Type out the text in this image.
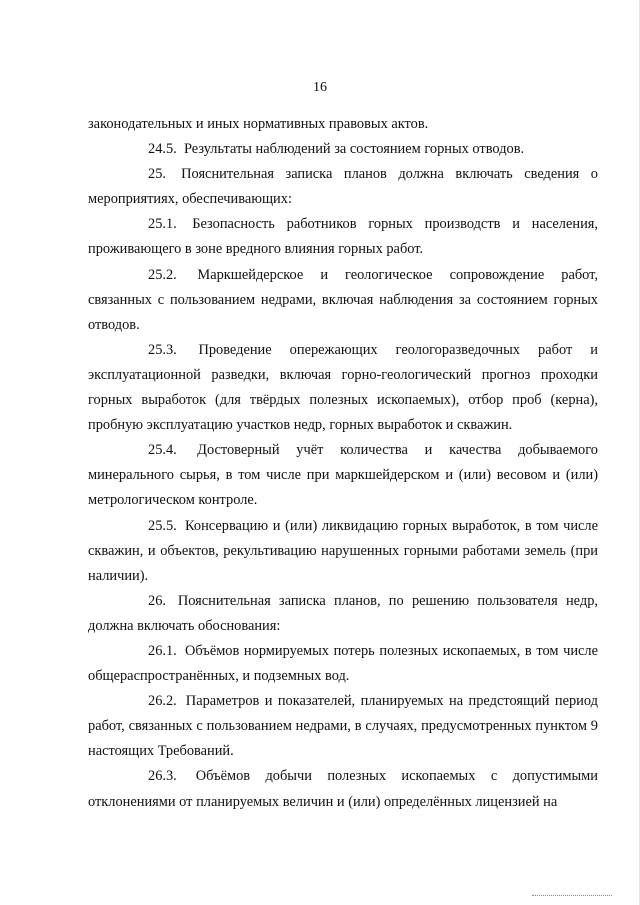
16

законодательных и иных нормативных правовых актов.

24.5. Результаты наблюдений за состоянием горных отводов.

25. Пояснительная записка планов должна включать сведения о мероприятиях, обеспечивающих:

25.1. Безопасность работников горных производств и населения, проживающего в зоне вредного влияния горных работ.

25.2. Маркшейдерское и геологическое сопровождение работ, связанных с пользованием недрами, включая наблюдения за состоянием горных отводов.

25.3. Проведение опережающих геологоразведочных работ и эксплуатационной разведки, включая горно-геологический прогноз проходки горных выработок (для твёрдых полезных ископаемых), отбор проб (керна), пробную эксплуатацию участков недр, горных выработок и скважин.

25.4. Достоверный учёт количества и качества добываемого минерального сырья, в том числе при маркшейдерском и (или) весовом и (или) метрологическом контроле.

25.5. Консервацию и (или) ликвидацию горных выработок, в том числе скважин, и объектов, рекультивацию нарушенных горными работами земель (при наличии).

26. Пояснительная записка планов, по решению пользователя недр, должна включать обоснования:

26.1. Объёмов нормируемых потерь полезных ископаемых, в том числе общераспространённых, и подземных вод.

26.2. Параметров и показателей, планируемых на предстоящий период работ, связанных с пользованием недрами, в случаях, предусмотренных пунктом 9 настоящих Требований.

26.3. Объёмов добычи полезных ископаемых с допустимыми отклонениями от планируемых величин и (или) определённых лицензией на
